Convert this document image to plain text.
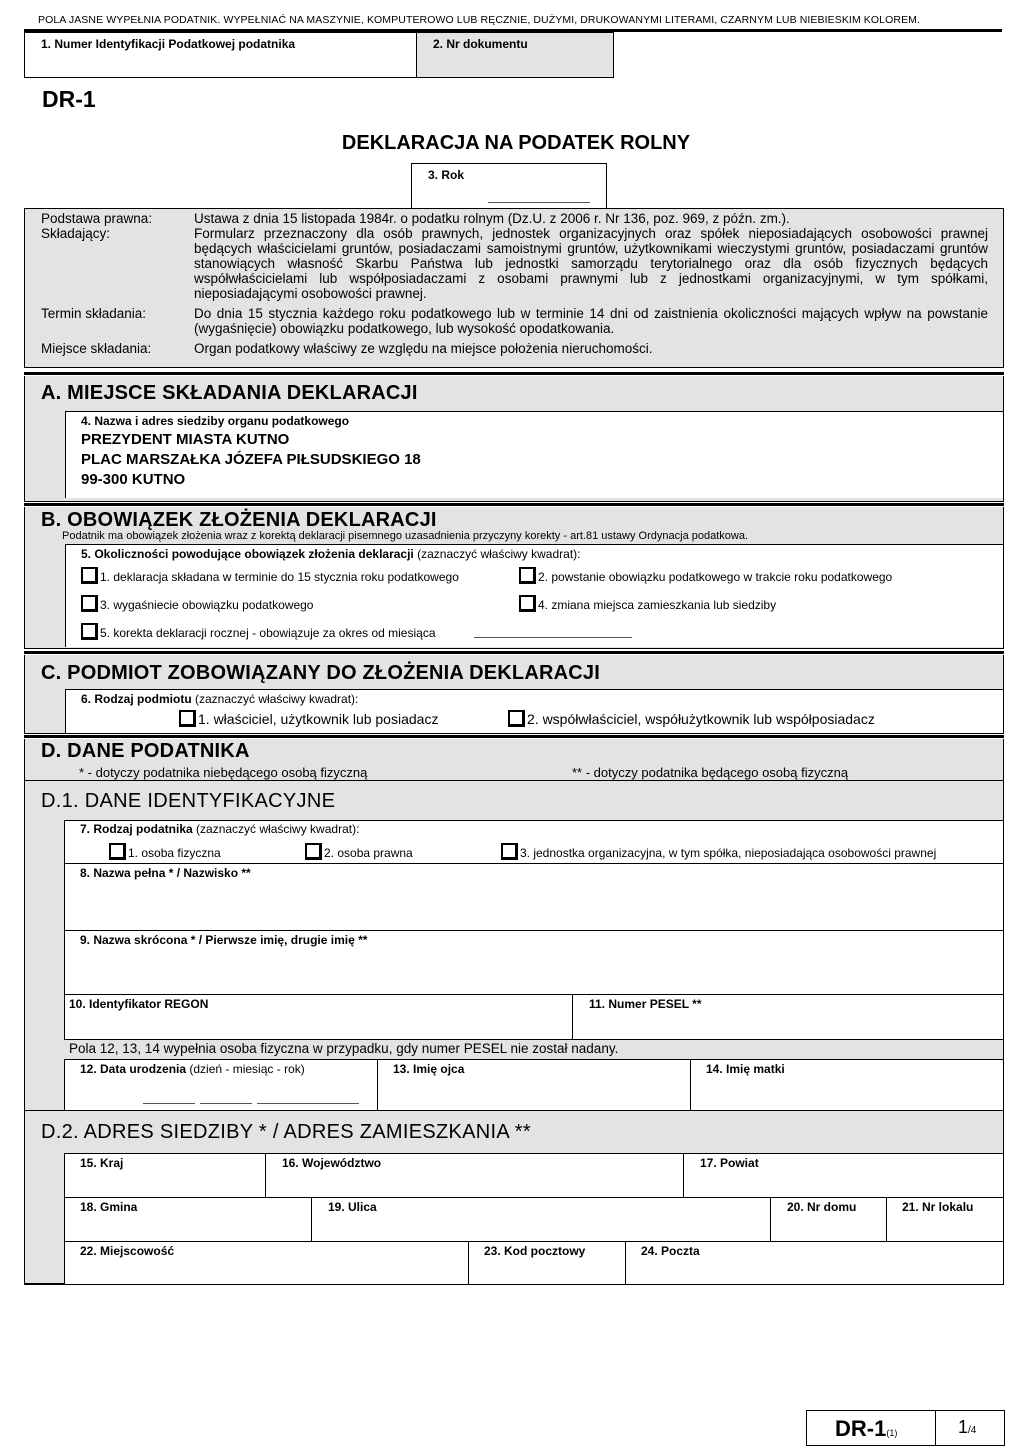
POLA JASNE WYPEŁNIA PODATNIK. WYPEŁNIAĆ NA MASZYNIE, KOMPUTEROWO LUB RĘCZNIE, DUŻYMI, DRUKOWANYMI LITERAMI, CZARNYM LUB NIEBIESKIM KOLOREM.
1. Numer Identyfikacji Podatkowej podatnika	2. Nr dokumentu
DR-1
DEKLARACJA NA PODATEK ROLNY
3. Rok
Podstawa prawna:	Ustawa z dnia 15 listopada 1984r. o podatku rolnym (Dz.U. z 2006 r. Nr 136, poz. 969, z późn. zm.).
Składający:	Formularz przeznaczony dla osób prawnych, jednostek organizacyjnych oraz spółek nieposiadających osobowości prawnej będących właścicielami gruntów, posiadaczami samoistnymi gruntów, użytkownikami wieczystymi gruntów, posiadaczami gruntów stanowiących własność Skarbu Państwa lub jednostki samorządu terytorialnego oraz dla osób fizycznych będących współwłaścicielami lub współposiadaczami z osobami prawnymi lub z jednostkami organizacyjnymi, w tym spółkami, nieposiadającymi osobowości prawnej.

Termin składania:	Do dnia 15 stycznia każdego roku podatkowego lub w terminie 14 dni od zaistnienia okoliczności mających wpływ na powstanie (wygaśnięcie) obowiązku podatkowego, lub wysokość opodatkowania.

Miejsce składania:	Organ podatkowy właściwy ze względu na miejsce położenia nieruchomości.
A. MIEJSCE SKŁADANIA DEKLARACJI
4. Nazwa i adres siedziby organu podatkowego
PREZYDENT MIASTA KUTNO
PLAC MARSZAŁKA JÓZEFA PIŁSUDSKIEGO 18
99-300 KUTNO
B. OBOWIĄZEK ZŁOŻENIA DEKLARACJI
Podatnik ma obowiązek złożenia wraz z korektą deklaracji pisemnego uzasadnienia przyczyny korekty - art.81 ustawy Ordynacja podatkowa.
5. Okoliczności powodujące obowiązek złożenia deklaracji (zaznaczyć właściwy kwadrat):
1. deklaracja składana w terminie do 15 stycznia roku podatkowego	2. powstanie obowiązku podatkowego w trakcie roku podatkowego
3. wygaśniecie obowiązku podatkowego	4. zmiana miejsca zamieszkania lub siedziby
5. korekta deklaracji rocznej - obowiązuje za okres od miesiąca
C. PODMIOT ZOBOWIĄZANY DO ZŁOŻENIA DEKLARACJI
6. Rodzaj podmiotu (zaznaczyć właściwy kwadrat):
1. właściciel, użytkownik lub posiadacz	2. współwłaściciel, współużytkownik lub współposiadacz
D. DANE PODATNIKA
* - dotyczy podatnika niebędącego osobą fizyczną	** - dotyczy podatnika będącego osobą fizyczną
D.1. DANE IDENTYFIKACYJNE
7. Rodzaj podatnika (zaznaczyć właściwy kwadrat):
1. osoba fizyczna	2. osoba prawna	3. jednostka organizacyjna, w tym spółka, nieposiadająca osobowości prawnej
8. Nazwa pełna * / Nazwisko **
9. Nazwa skrócona * / Pierwsze imię, drugie imię **
10. Identyfikator REGON	11. Numer PESEL **
Pola 12, 13, 14 wypełnia osoba fizyczna w przypadku, gdy numer PESEL nie został nadany.
12. Data urodzenia (dzień - miesiąc - rok)	13. Imię ojca	14. Imię matki
D.2. ADRES SIEDZIBY * / ADRES ZAMIESZKANIA **
15. Kraj	16. Województwo	17. Powiat
18. Gmina	19. Ulica	20. Nr domu	21. Nr lokalu
22. Miejscowość	23. Kod pocztowy	24. Poczta
DR-1(1)	1/4
